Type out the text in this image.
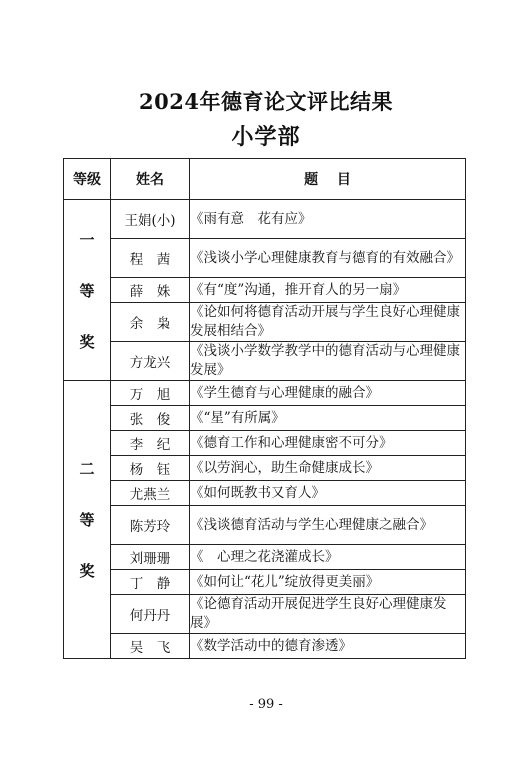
2024年德育论文评比结果
小学部
等级	姓名	题　 目

一
等
奖	王娟(小)	《雨有意　花有应》
	程　茜	《浅谈小学心理健康教育与德育的有效融合》
	薛　姝	《有“度”沟通，推开育人的另一扇》
	余　枭	《论如何将德育活动开展与学生良好心理健康发展相结合》
	方龙兴	《浅谈小学数学教学中的德育活动与心理健康发展》

二
等
奖	万　旭	《学生德育与心理健康的融合》
	张　俊	《“星”有所属》
	李　纪	《德育工作和心理健康密不可分》
	杨　钰	《以劳润心，助生命健康成长》
	尤燕兰	《如何既教书又育人》
	陈芳玲	《浅谈德育活动与学生心理健康之融合》
	刘珊珊	《　心理之花浇灌成长》
	丁　静	《如何让“花儿”绽放得更美丽》
	何丹丹	《论德育活动开展促进学生良好心理健康发展》
	吴　飞	《数学活动中的德育渗透》
- 99 -
